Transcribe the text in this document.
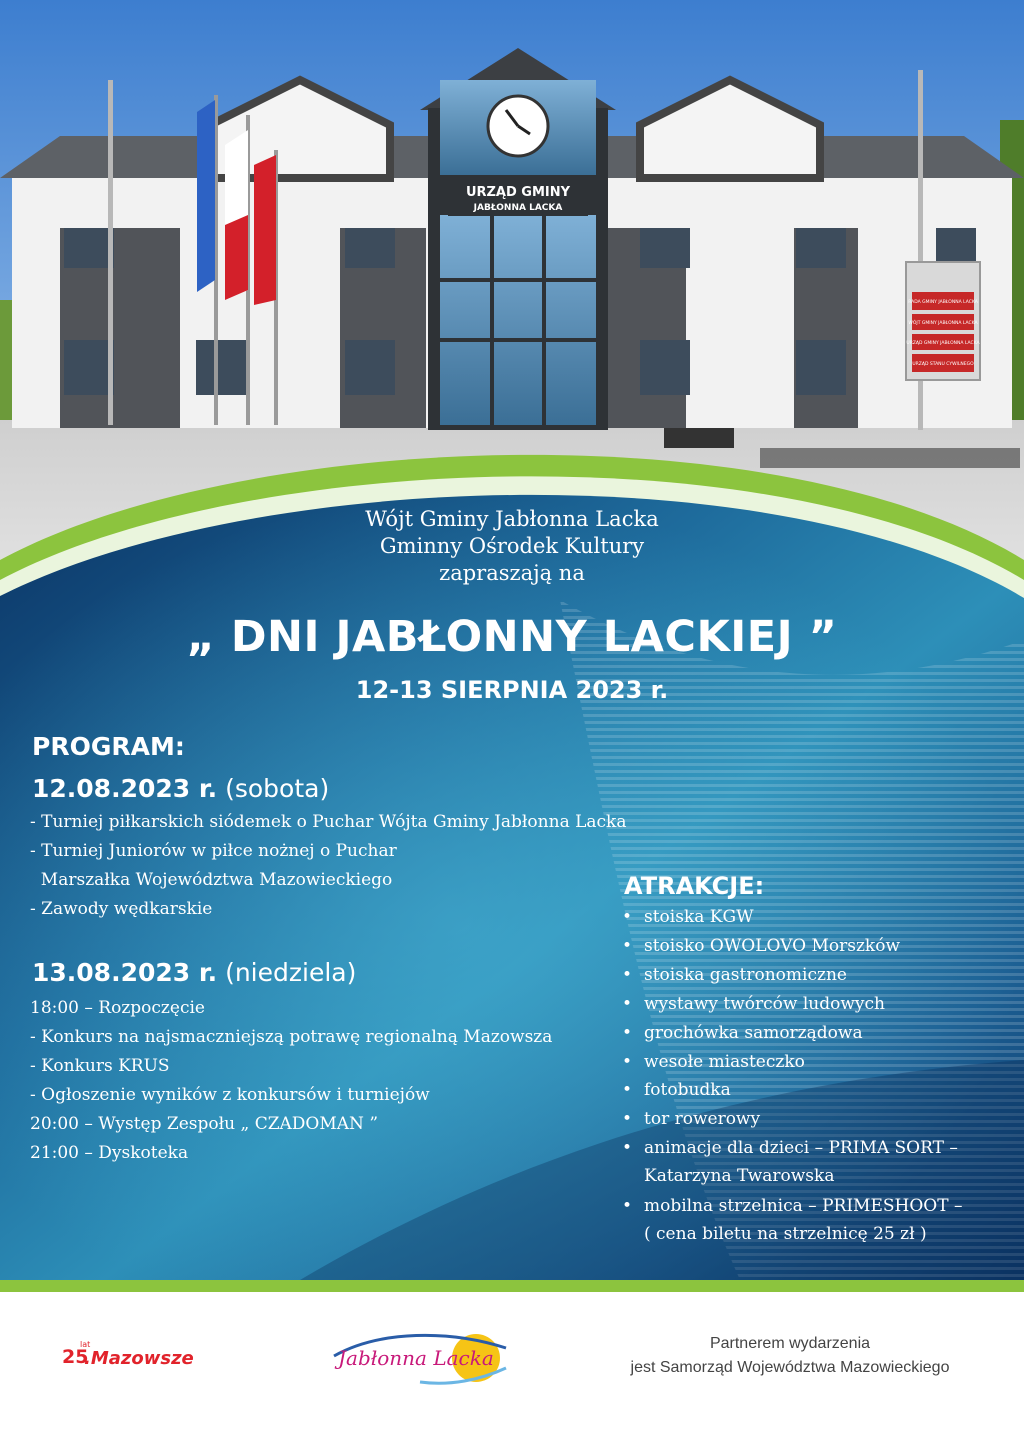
URZĄD GMINY
JABŁONNA LACKA
RADA GMINY JABŁONNA LACKA
WÓJT GMINY JABŁONNA LACKA
URZĄD GMINY JABŁONNA LACKA
URZĄD STANU CYWILNEGO
Wójt Gminy Jabłonna Lacka
Gminny Ośrodek Kultury
zapraszają na
„ DNI JABŁONNY LACKIEJ ”
12-13 SIERPNIA 2023 r.
PROGRAM:
12.08.2023 r. (sobota)
- Turniej piłkarskich siódemek o Puchar Wójta Gminy Jabłonna Lacka
- Turniej Juniorów w piłce nożnej o Puchar
Marszałka Województwa Mazowieckiego
- Zawody wędkarskie
13.08.2023 r. (niedziela)
18:00 – Rozpoczęcie
- Konkurs na najsmaczniejszą potrawę regionalną Mazowsza
- Konkurs KRUS
- Ogłoszenie wyników z konkursów i turniejów
20:00 – Występ Zespołu „ CZADOMAN ”
21:00 – Dyskoteka
ATRAKCJE:
• stoiska KGW
• stoisko OWOLOVO Morszków
• stoiska gastronomiczne
• wystawy twórców ludowych
• grochówka samorządowa
• wesołe miasteczko
• fotobudka
• tor rowerowy
• animacje dla dzieci – PRIMA SORT –
Katarzyna Twarowska
• mobilna strzelnica – PRIMESHOOT –
( cena biletu na strzelnicę 25 zł )
lat
25
.Mazowsze	Jabłonna Lacka
Partnerem wydarzenia
jest Samorząd Województwa Mazowieckiego
